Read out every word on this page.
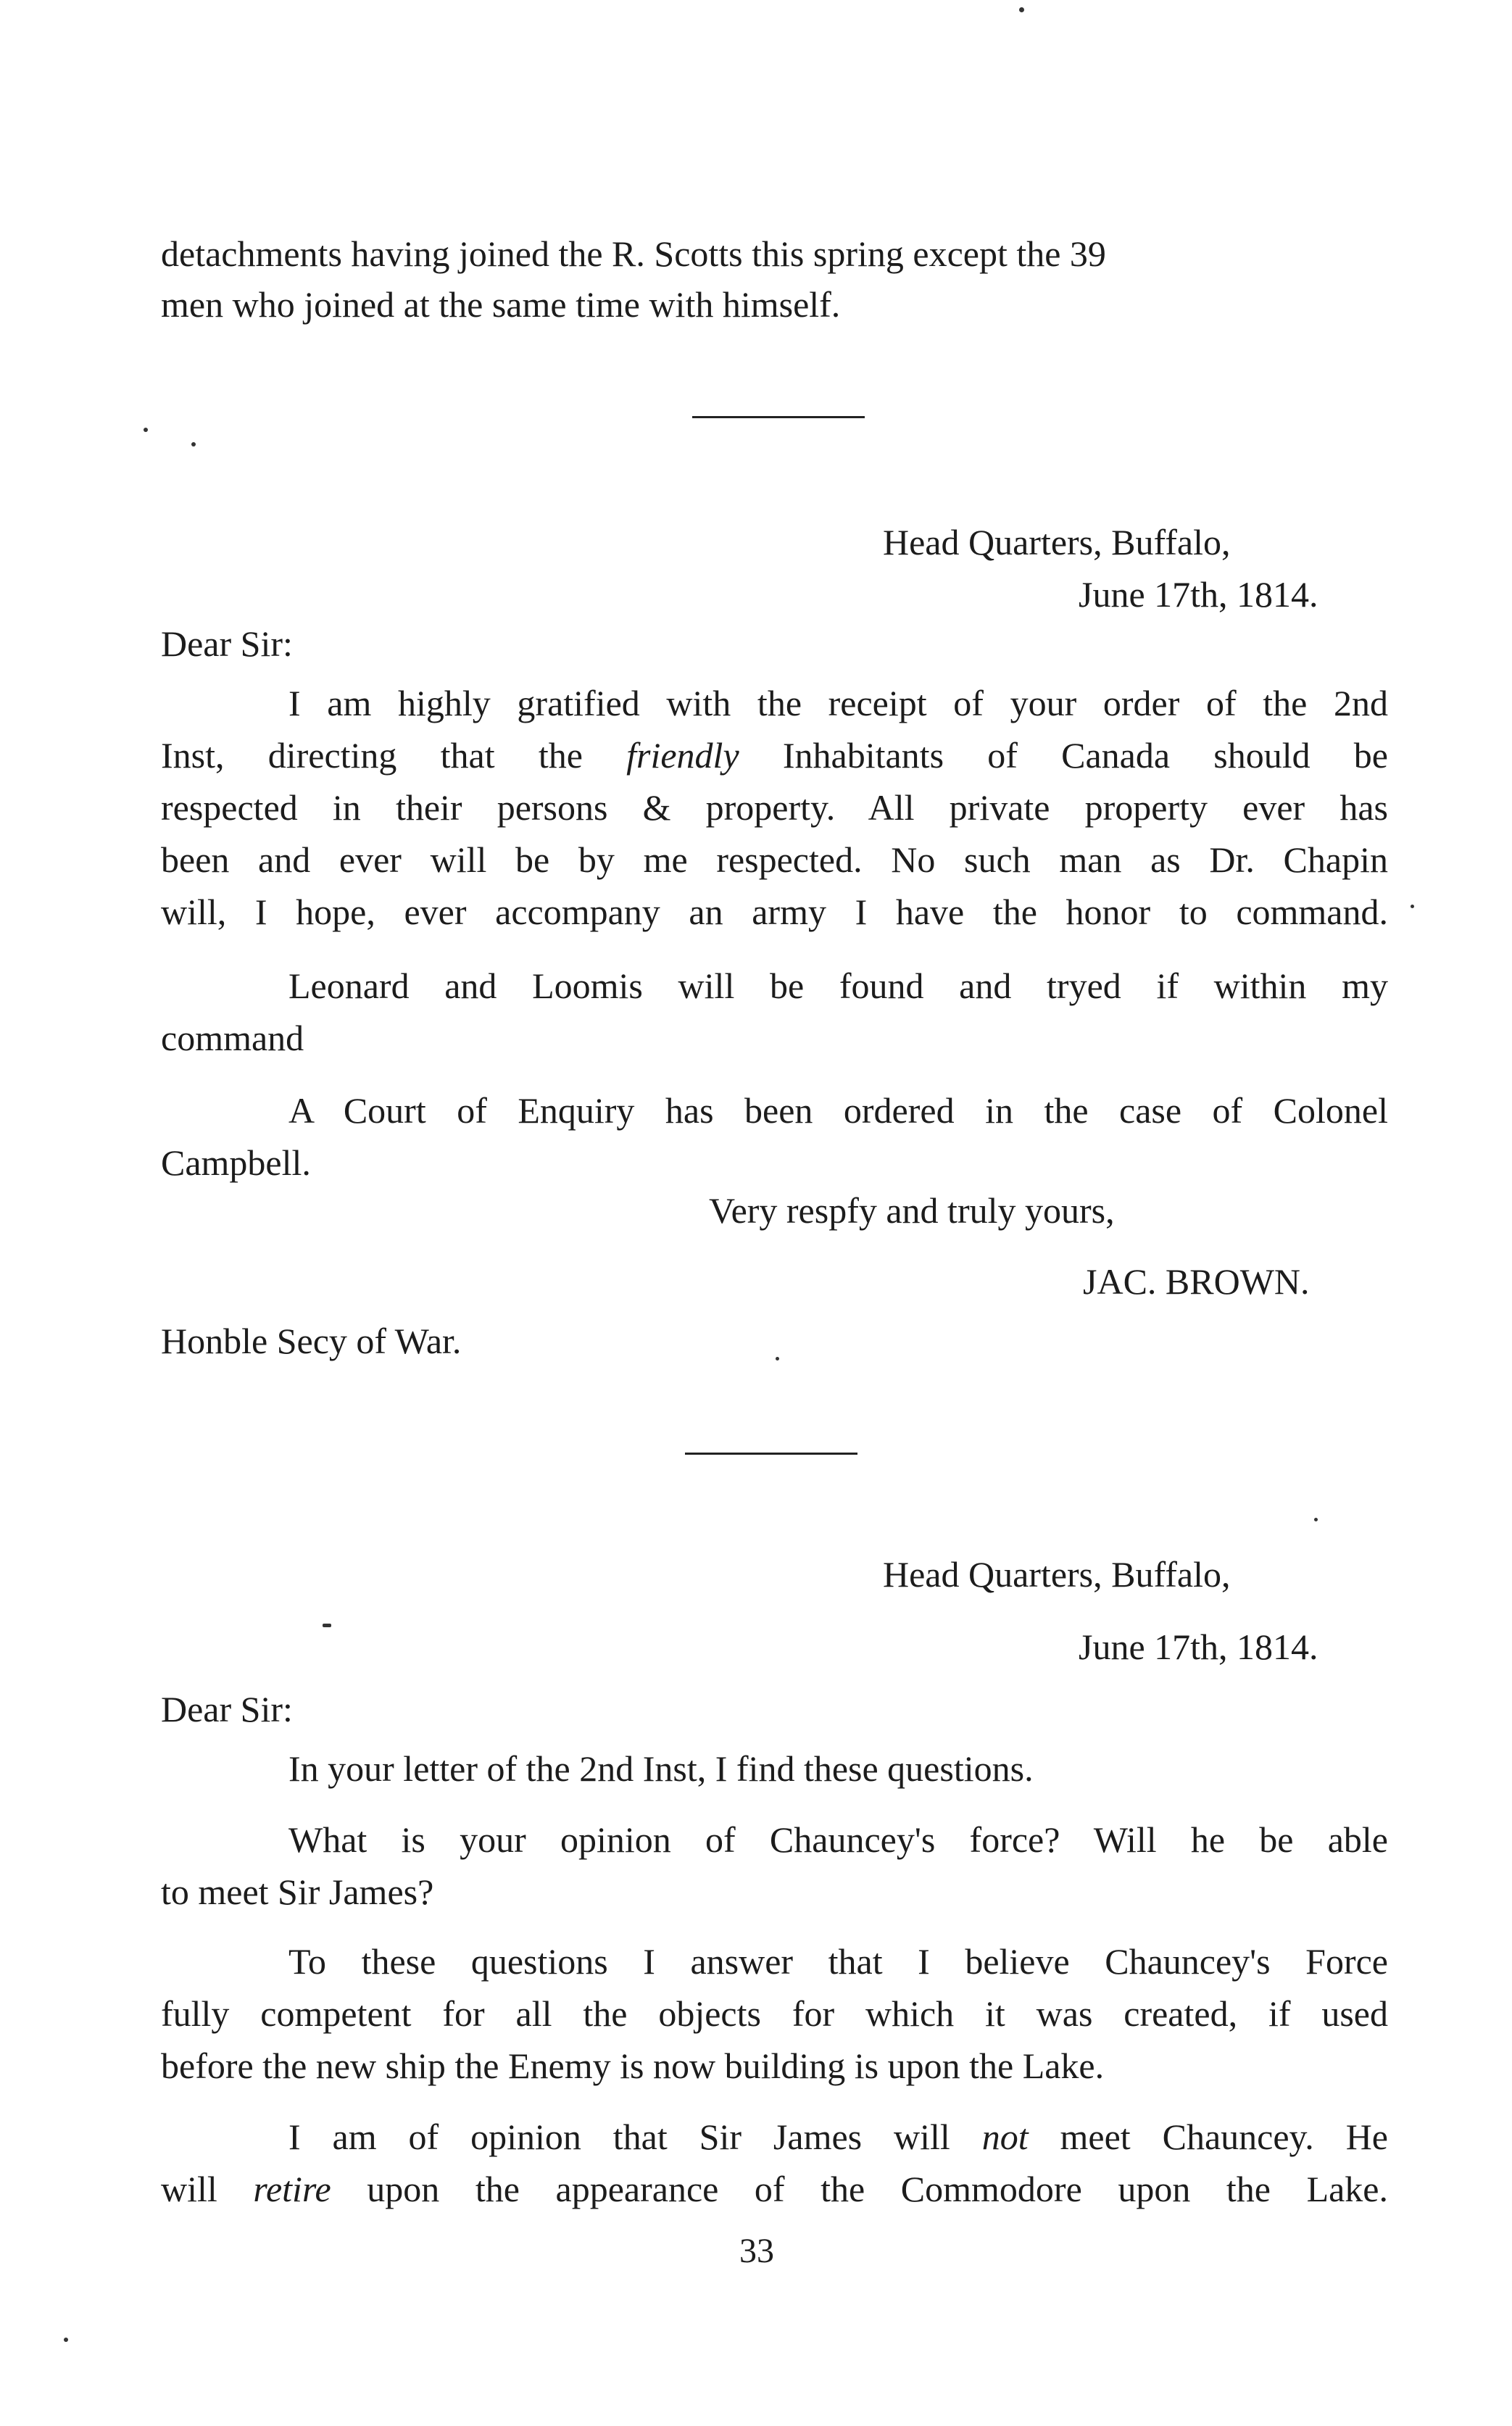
detachments having joined the R. Scotts this spring except the 39
men who joined at the same time with himself.
Head Quarters, Buffalo,
June 17th, 1814.
Dear Sir:
I am highly gratified with the receipt of your order of the 2nd
Inst, directing that the friendly Inhabitants of Canada should be
respected in their persons & property. All private property ever has
been and ever will be by me respected. No such man as Dr. Chapin
will, I hope, ever accompany an army I have the honor to command.
Leonard and Loomis will be found and tryed if within my
command
A Court of Enquiry has been ordered in the case of Colonel
Campbell.
Very respfy and truly yours,
JAC. BROWN.
Honble Secy of War.
Head Quarters, Buffalo,
June 17th, 1814.
Dear Sir:
In your letter of the 2nd Inst, I find these questions.
What is your opinion of Chauncey's force? Will he be able
to meet Sir James?
To these questions I answer that I believe Chauncey's Force
fully competent for all the objects for which it was created, if used
before the new ship the Enemy is now building is upon the Lake.
I am of opinion that Sir James will not meet Chauncey. He
will retire upon the appearance of the Commodore upon the Lake.
33
